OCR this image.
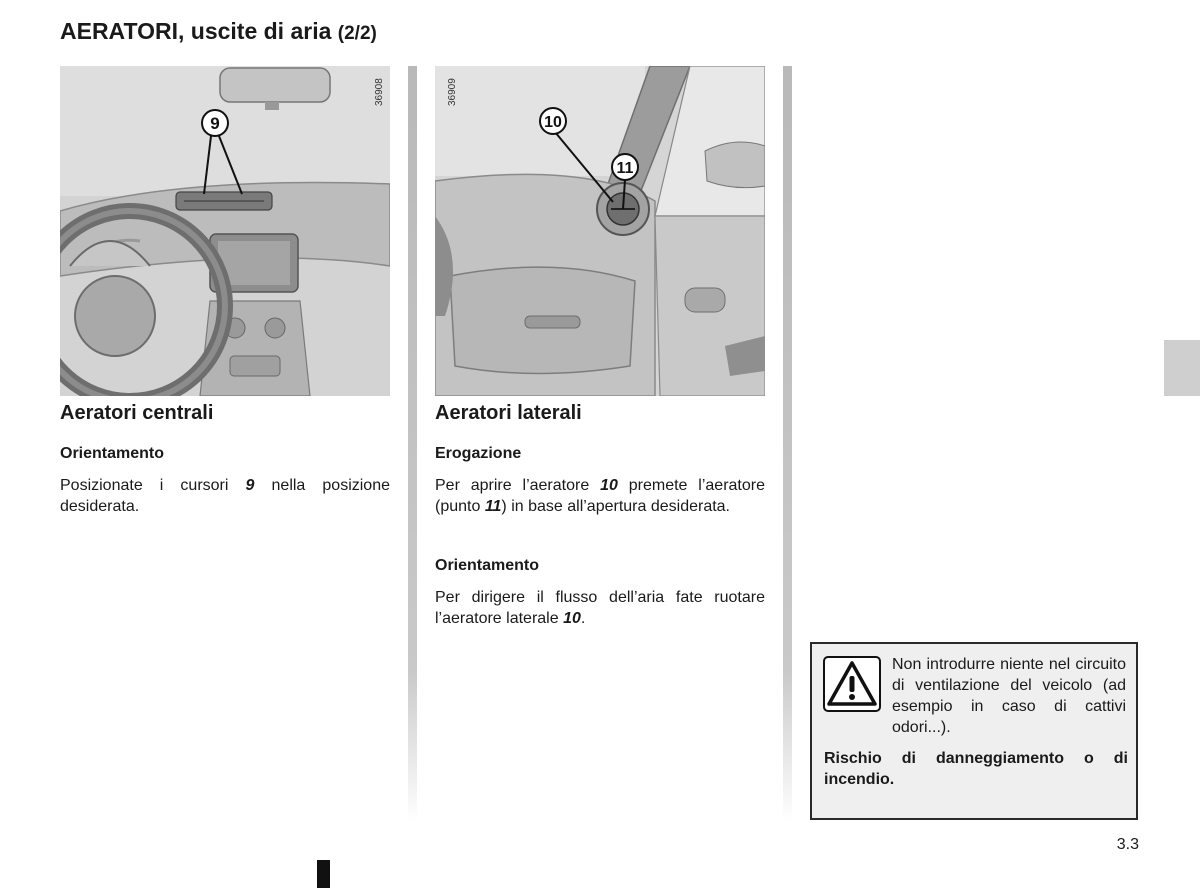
AERATORI, uscite di aria (2/2)
36908
9
36909
10
11
Aeratori centrali
Orientamento

Posizionate i cursori 9 nella posizione desiderata.

Aeratori laterali
Erogazione

Per aprire l’aeratore 10 premete l’aeratore (punto 11) in base all’apertura desiderata.

Orientamento

Per dirigere il flusso dell’aria fate ruotare l’aeratore laterale 10.

Non introdurre niente nel circuito di ventilazione del veicolo (ad esempio in caso di cattivi odori...).

Rischio di danneggiamento o di incendio.

3.3
